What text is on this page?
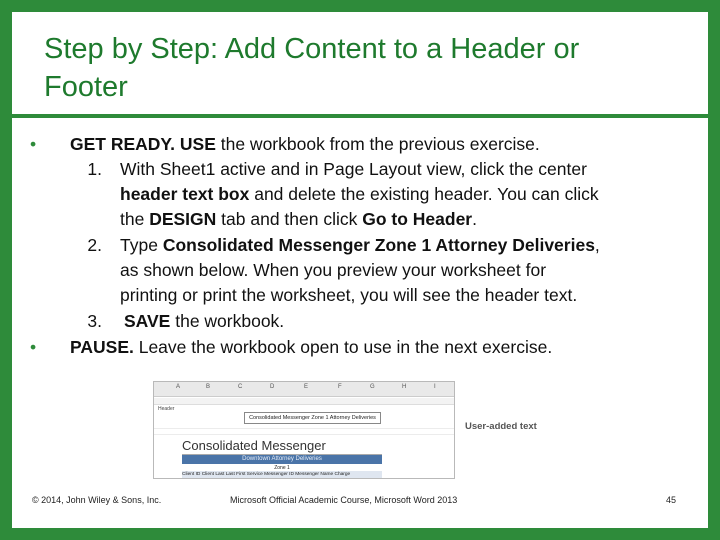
Step by Step: Add Content to a Header or
Footer
•	GET READY. USE the workbook from the previous exercise.
1. With Sheet1 active and in Page Layout view, click the center
header text box and delete the existing header. You can click
the DESIGN tab and then click Go to Header.
2. Type Consolidated Messenger Zone 1 Attorney Deliveries,
as shown below. When you preview your worksheet for
printing or print the worksheet, you will see the header text.
3. SAVE the workbook.
•	PAUSE. Leave the workbook open to use in the next exercise.
A	B	C	D	E	F	G	H	I
Header
Consolidated Messenger Zone 1 Attorney Deliveries
Consolidated Messenger
Downtown Attorney Deliveries
Zone 1
Client ID Client Last Last First Service Messenger ID Messenger Name Charge
User-added text
© 2014, John Wiley & Sons, Inc.	Microsoft Official Academic Course, Microsoft Word 2013	45
